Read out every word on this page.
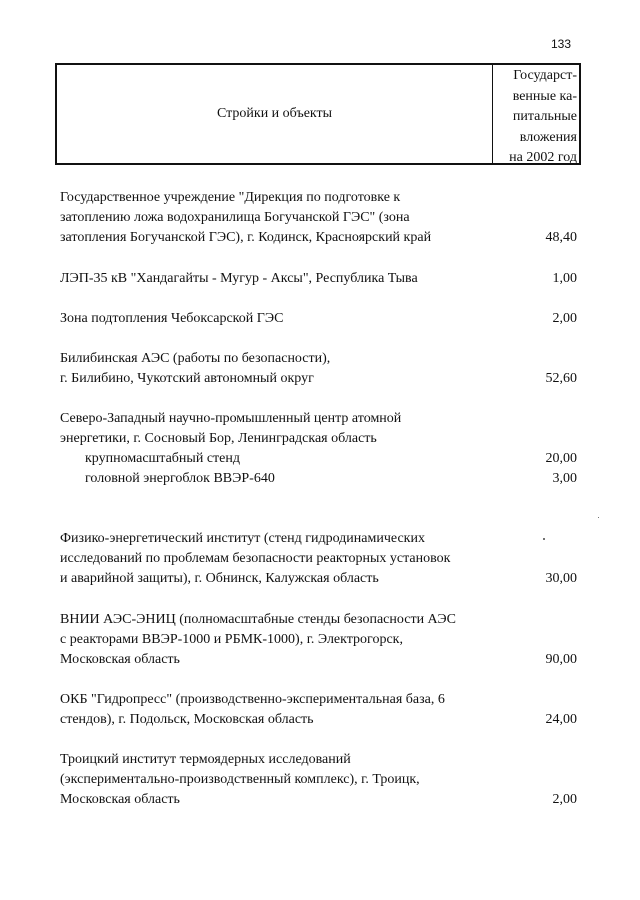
133
Стройки и объекты
Государст-
венные ка-
питальные
вложения
на 2002 год
Государственное учреждение "Дирекция по подготовке к
затоплению ложа водохранилища Богучанской ГЭС" (зона
затопления Богучанской ГЭС), г. Кодинск, Красноярский край	48,40
ЛЭП-35 кВ "Хандагайты - Мугур - Аксы", Республика Тыва	1,00
Зона подтопления Чебоксарской ГЭС	2,00
Билибинская АЭС (работы по безопасности),
г. Билибино, Чукотский автономный округ	52,60
Северо-Западный научно-промышленный центр атомной
энергетики, г. Сосновый Бор, Ленинградская область
крупномасштабный стенд	20,00
головной энергоблок ВВЭР-640	3,00
Физико-энергетический институт (стенд гидродинамических
исследований по проблемам безопасности реакторных установок
и аварийной защиты), г. Обнинск, Калужская область	30,00
ВНИИ АЭС-ЭНИЦ (полномасштабные стенды безопасности АЭС
с реакторами ВВЭР-1000 и РБМК-1000), г. Электрогорск,
Московская область	90,00
ОКБ "Гидропресс" (производственно-экспериментальная база, 6
стендов), г. Подольск, Московская область	24,00
Троицкий институт термоядерных исследований
(экспериментально-производственный комплекс), г. Троицк,
Московская область	2,00
